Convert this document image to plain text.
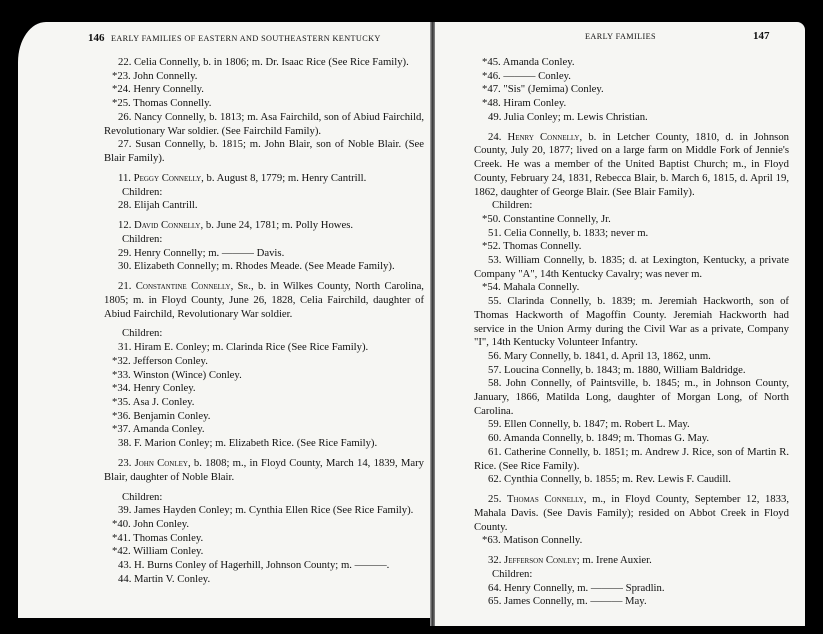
146 EARLY FAMILIES OF EASTERN AND SOUTHEASTERN KENTUCKY

22. Celia Connelly, b. in 1806; m. Dr. Isaac Rice (See Rice Family).

*23. John Connelly.

*24. Henry Connelly.

*25. Thomas Connelly.

26. Nancy Connelly, b. 1813; m. Asa Fairchild, son of Abiud Fairchild, Revolutionary War soldier. (See Fairchild Family).

27. Susan Connelly, b. 1815; m. John Blair, son of Noble Blair. (See Blair Family).

11. Peggy Connelly, b. August 8, 1779; m. Henry Cantrill.

Children:

28. Elijah Cantrill.

12. David Connelly, b. June 24, 1781; m. Polly Howes.

Children:

29. Henry Connelly; m. ——— Davis.

30. Elizabeth Connelly; m. Rhodes Meade. (See Meade Family).

21. Constantine Connelly, Sr., b. in Wilkes County, North Carolina, 1805; m. in Floyd County, June 26, 1828, Celia Fairchild, daughter of Abiud Fairchild, Revolutionary War soldier.

Children:

31. Hiram E. Conley; m. Clarinda Rice (See Rice Family).

*32. Jefferson Conley.

*33. Winston (Wince) Conley.

*34. Henry Conley.

*35. Asa J. Conley.

*36. Benjamin Conley.

*37. Amanda Conley.

38. F. Marion Conley; m. Elizabeth Rice. (See Rice Family).

23. John Conley, b. 1808; m., in Floyd County, March 14, 1839, Mary Blair, daughter of Noble Blair.

Children:

39. James Hayden Conley; m. Cynthia Ellen Rice (See Rice Family).

*40. John Conley.

*41. Thomas Conley.

*42. William Conley.

43. H. Burns Conley of Hagerhill, Johnson County; m. ———.

44. Martin V. Conley.

EARLY FAMILIES	147

*45. Amanda Conley.

*46. ——— Conley.

*47. "Sis" (Jemima) Conley.

*48. Hiram Conley.

49. Julia Conley; m. Lewis Christian.

24. Henry Connelly, b. in Letcher County, 1810, d. in Johnson County, July 20, 1877; lived on a large farm on Middle Fork of Jennie's Creek. He was a member of the United Baptist Church; m., in Floyd County, February 24, 1831, Rebecca Blair, b. March 6, 1815, d. April 19, 1862, daughter of George Blair. (See Blair Family).

Children:

*50. Constantine Connelly, Jr.

51. Celia Connelly, b. 1833; never m.

*52. Thomas Connelly.

53. William Connelly, b. 1835; d. at Lexington, Kentucky, a private Company "A", 14th Kentucky Cavalry; was never m.

*54. Mahala Connelly.

55. Clarinda Connelly, b. 1839; m. Jeremiah Hackworth, son of Thomas Hackworth of Magoffin County. Jeremiah Hackworth had service in the Union Army during the Civil War as a private, Company "I", 14th Kentucky Volunteer Infantry.

56. Mary Connelly, b. 1841, d. April 13, 1862, unm.

57. Loucina Connelly, b. 1843; m. 1880, William Baldridge.

58. John Connelly, of Paintsville, b. 1845; m., in Johnson County, January, 1866, Matilda Long, daughter of Morgan Long, of North Carolina.

59. Ellen Connelly, b. 1847; m. Robert L. May.

60. Amanda Connelly, b. 1849; m. Thomas G. May.

61. Catherine Connelly, b. 1851; m. Andrew J. Rice, son of Martin R. Rice. (See Rice Family).

62. Cynthia Connelly, b. 1855; m. Rev. Lewis F. Caudill.

25. Thomas Connelly, m., in Floyd County, September 12, 1833, Mahala Davis. (See Davis Family); resided on Abbot Creek in Floyd County.

*63. Matison Connelly.

32. Jefferson Conley; m. Irene Auxier.

Children:

64. Henry Connelly, m. ——— Spradlin.

65. James Connelly, m. ——— May.
